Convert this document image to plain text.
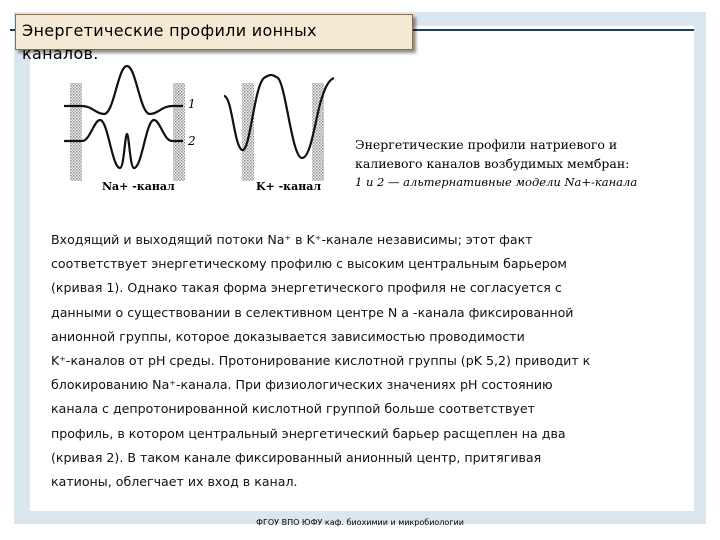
Энергетические профили ионных
каналов.
1
2
Na+ -канал	K+ -канал
Энергетические профили натриевого и
калиевого каналов возбудимых мембран:
1 и 2 — альтернативные модели Na+-канала
Входящий и выходящий потоки Na⁺ в K⁺-канале независимы; этот факт
соответствует энергетическому профилю с высоким центральным барьером
(кривая 1). Однако такая форма энергетического профиля не согласуется с
данными о существовании в селективном центре N a -канала фиксированной
анионной группы, которое доказывается зависимостью проводимости
K⁺-каналов от pH среды. Протонирование кислотной группы (pK 5,2) приводит к
блокированию Na⁺-канала. При физиологических значениях pH состоянию
канала с депротонированной кислотной группой больше соответствует
профиль, в котором центральный энергетический барьер расщеплен на два
(кривая 2). В таком канале фиксированный анионный центр, притягивая
катионы, облегчает их вход в канал.
ФГОУ ВПО ЮФУ каф. биохимии и микробиологии
